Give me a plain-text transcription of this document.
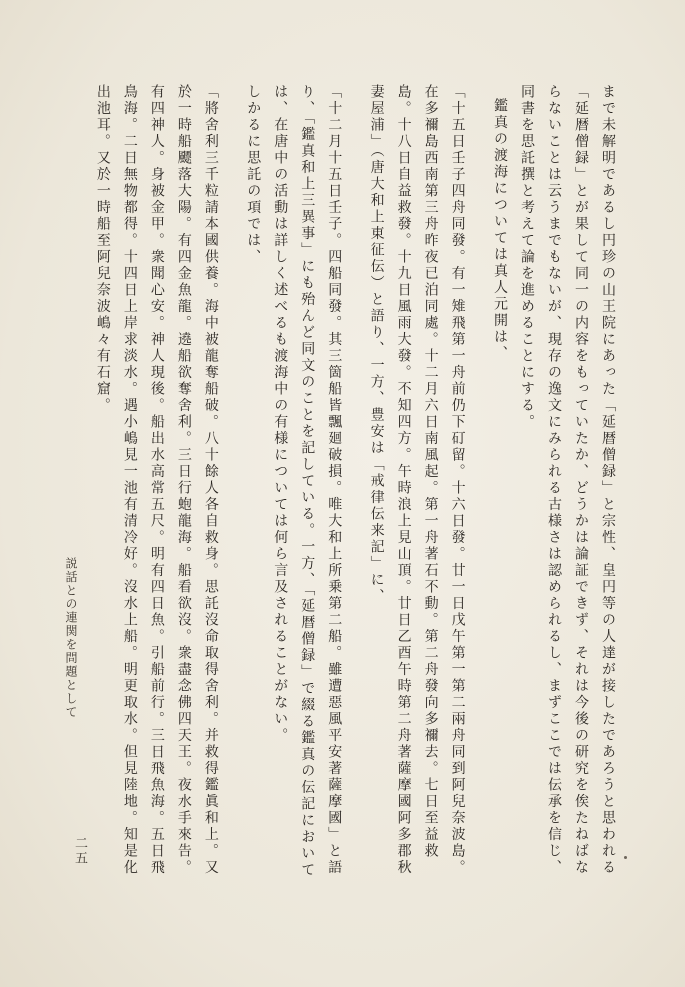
まで未解明であるし円珍の山王院にあった「延暦僧録」と宗性、皇円等の人達が接したであろうと思われる「延暦僧録」とが果して同一の内容をもっていたか、どうかは論証できず、それは今後の研究を俟たねばならないことは云うまでもないが、現存の逸文にみられる古様さは認められるし、まずここでは伝承を信じ、同書を思託撰と考えて論を進めることにする。

鑑真の渡海については真人元開は、

「十五日壬子四舟同發。有一雉飛第一舟前仍下矴留。十六日發。廿一日戊午第一第二兩舟同到阿兒奈波島。在多禰島西南第三舟昨夜已泊同處。十二月六日南風起。第一舟著石不動。第二舟發向多禰去。七日至益救島。十八日自益救發。十九日風雨大發。不知四方。午時浪上見山頂。廿日乙酉午時第二舟著薩摩國阿多郡秋妻屋浦」（唐大和上東征伝）と語り、一方、豊安は「戒律伝来記」に、

「十二月十五日壬子。四船同發。其三箇船皆飄廻破損。唯大和上所乗第二船。雖遭惡風平安著薩摩國」と語り、「鑑真和上三異事」にも殆んど同文のことを記している。一方、「延暦僧録」で綴る鑑真の伝記においては、在唐中の活動は詳しく述べるも渡海中の有様については何ら言及されることがない。

しかるに思託の項では、

「將舍利三千粒請本國供養。海中被龍奪船破。八十餘人各自救身。思託沒命取得舍利。并救得鑑眞和上。又於一時船飃落大陽。有四金魚龍。遶船欲奪舍利。三日行蚫龍海。船看欲沒。衆盡念佛四天王。夜水手來告。有四神人。身被金甲。衆聞心安。神人現後。船出水高常五尺。明有四日魚。引船前行。三日飛魚海。五日飛鳥海。二日無物都得。十四日上岸求淡水。遇小嶋見一池有清冷好。沒水上船。明更取水。但見陸地。知是化出池耳。又於一時船至阿兒奈波嶋々有石窟。

説話との連関を問題として
二五
